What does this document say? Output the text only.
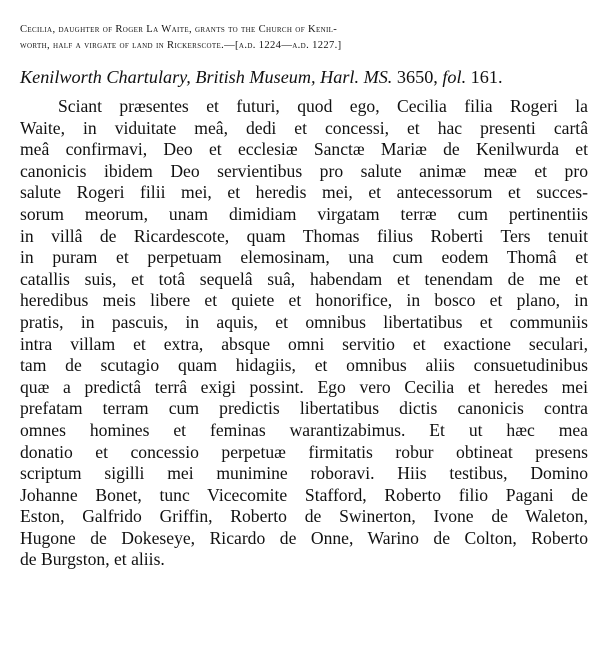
Cecilia, daughter of Roger La Waite, grants to the Church of Kenil-
worth, half a virgate of land in Rickerscote.—[a.d. 1224—a.d. 1227.]
Kenilworth Chartulary, British Museum, Harl. MS. 3650, fol. 161.
Sciant præsentes et futuri, quod ego, Cecilia filia Rogeri la
Waite, in viduitate meâ, dedi et concessi, et hac presenti cartâ
meâ confirmavi, Deo et ecclesiæ Sanctæ Mariæ de Kenilwurda et
canonicis ibidem Deo servientibus pro salute animæ meæ et pro
salute Rogeri filii mei, et heredis mei, et antecessorum et succes-
sorum meorum, unam dimidiam virgatam terræ cum pertinentiis
in villâ de Ricardescote, quam Thomas filius Roberti Ters tenuit
in puram et perpetuam elemosinam, una cum eodem Thomâ et
catallis suis, et totâ sequelâ suâ, habendam et tenendam de me et
heredibus meis libere et quiete et honorifice, in bosco et plano, in
pratis, in pascuis, in aquis, et omnibus libertatibus et communiis
intra villam et extra, absque omni servitio et exactione seculari,
tam de scutagio quam hidagiis, et omnibus aliis consuetudinibus
quæ a predictâ terrâ exigi possint. Ego vero Cecilia et heredes mei
prefatam terram cum predictis libertatibus dictis canonicis contra
omnes homines et feminas warantizabimus. Et ut hæc mea
donatio et concessio perpetuæ firmitatis robur obtineat presens
scriptum sigilli mei munimine roboravi. Hiis testibus, Domino
Johanne Bonet, tunc Vicecomite Stafford, Roberto filio Pagani de
Eston, Galfrido Griffin, Roberto de Swinerton, Ivone de Waleton,
Hugone de Dokeseye, Ricardo de Onne, Warino de Colton, Roberto
de Burgston, et aliis.
